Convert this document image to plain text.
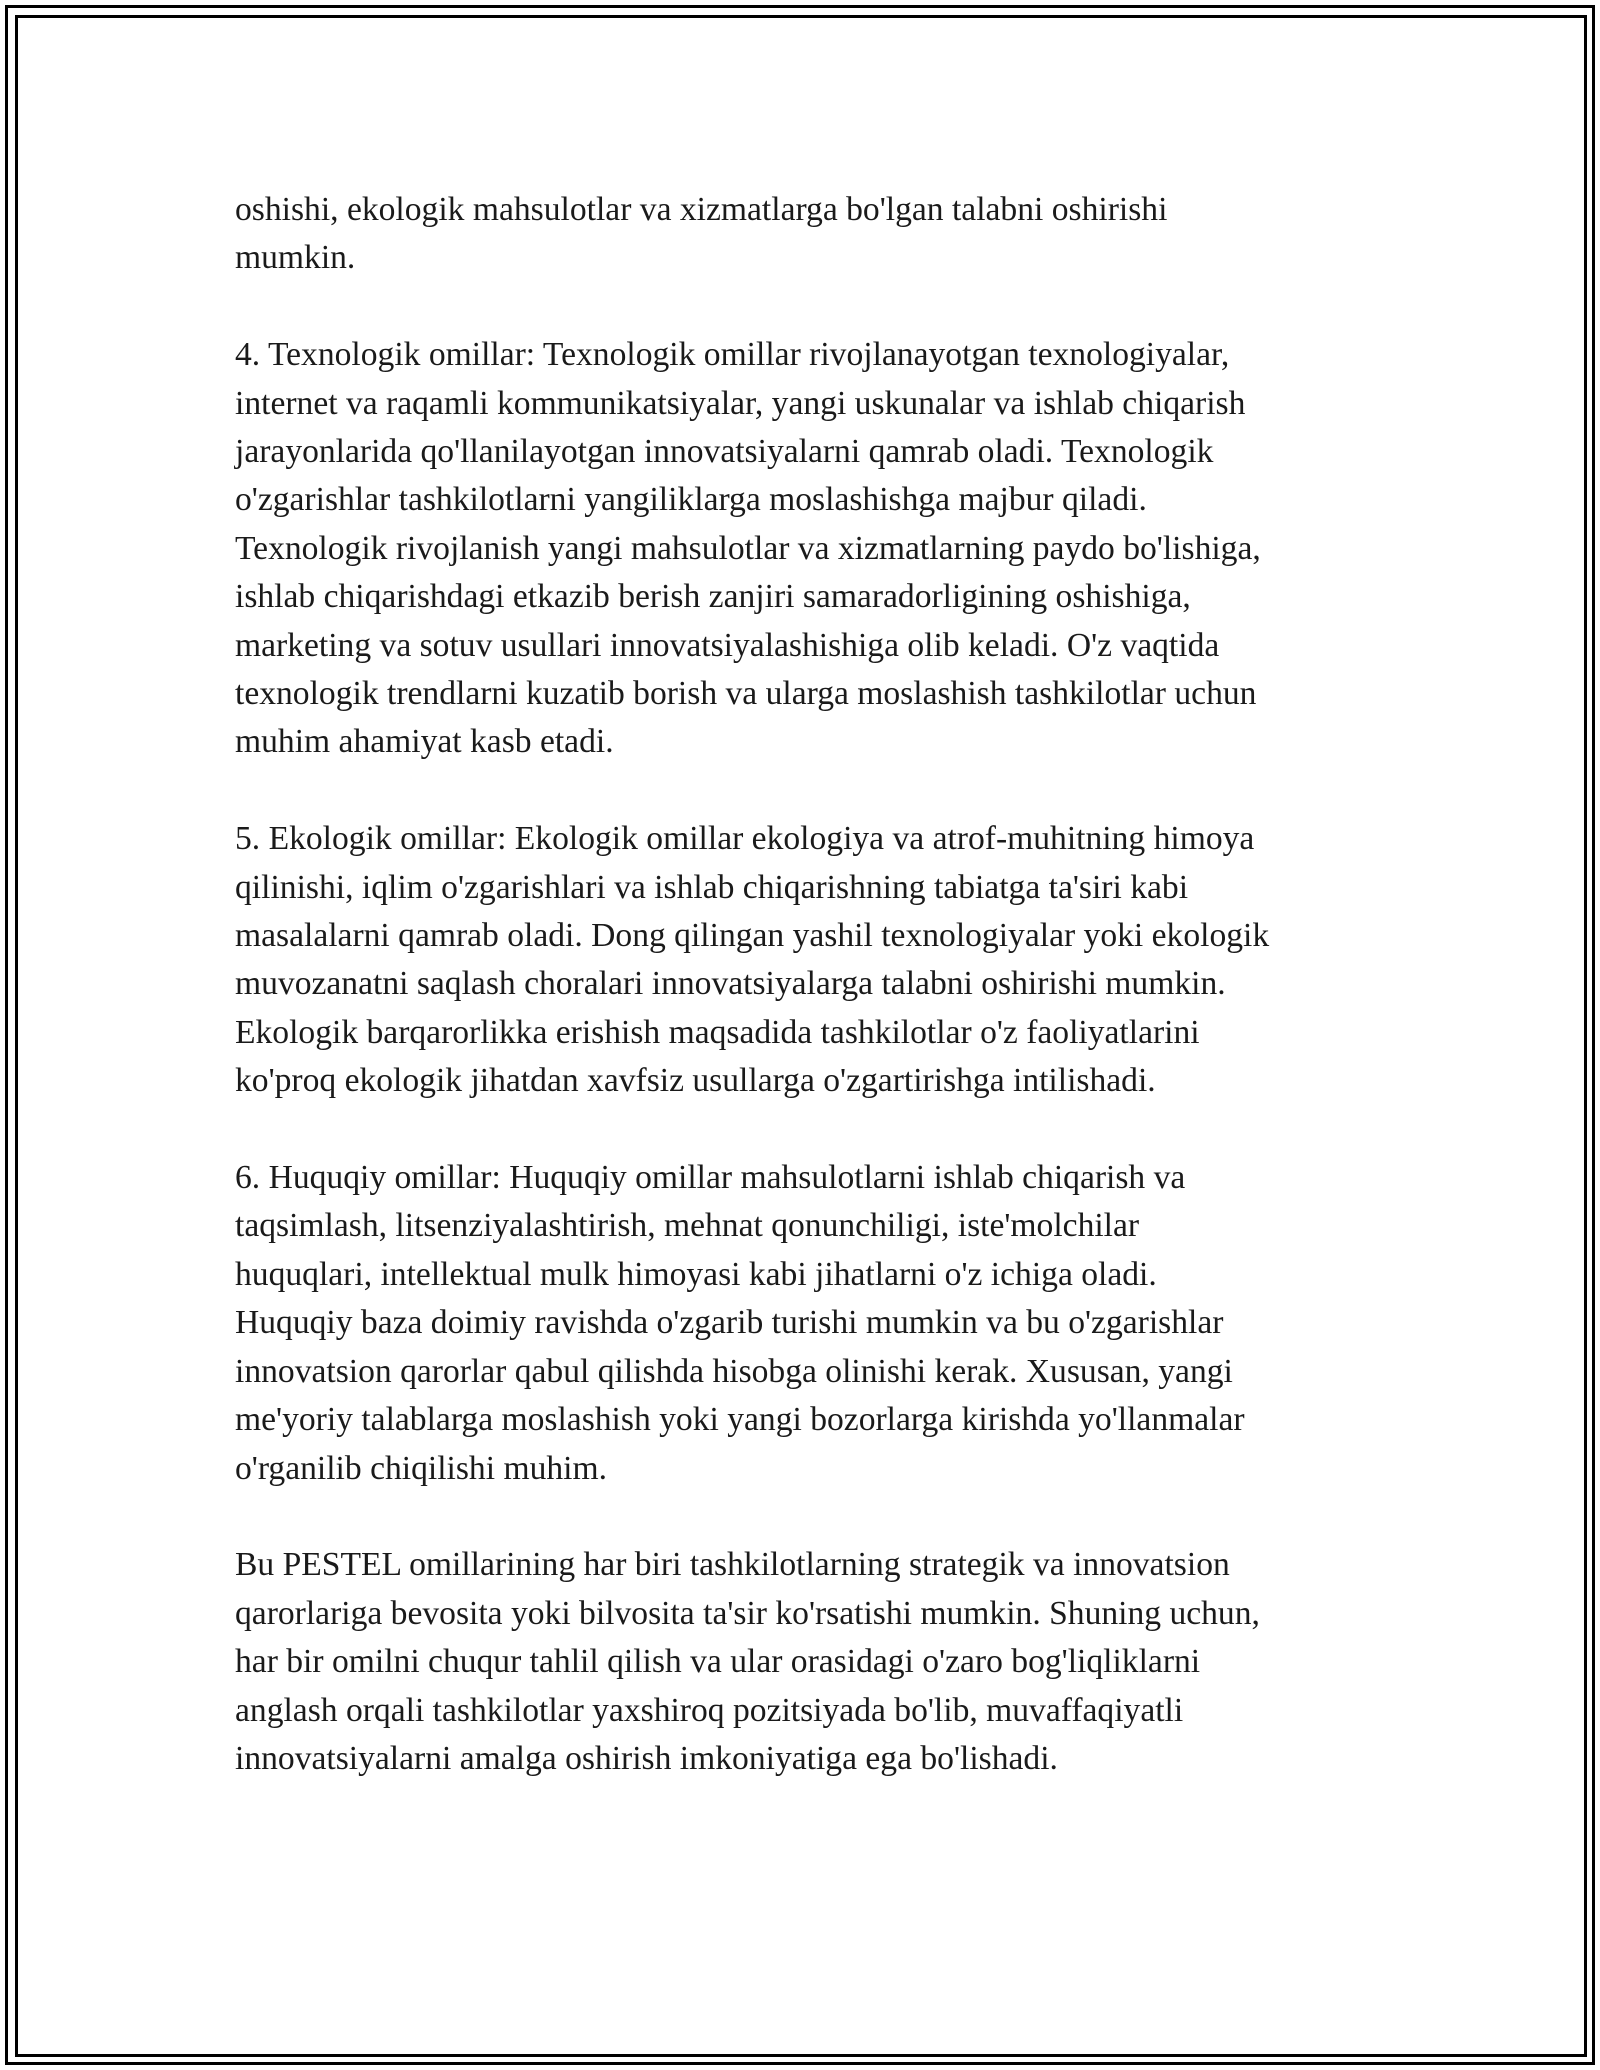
oshishi, ekologik mahsulotlar va xizmatlarga bo'lgan talabni oshirishi
mumkin.

4. Texnologik omillar: Texnologik omillar rivojlanayotgan texnologiyalar,
internet va raqamli kommunikatsiyalar, yangi uskunalar va ishlab chiqarish
jarayonlarida qo'llanilayotgan innovatsiyalarni qamrab oladi. Texnologik
o'zgarishlar tashkilotlarni yangiliklarga moslashishga majbur qiladi.
Texnologik rivojlanish yangi mahsulotlar va xizmatlarning paydo bo'lishiga,
ishlab chiqarishdagi etkazib berish zanjiri samaradorligining oshishiga,
marketing va sotuv usullari innovatsiyalashishiga olib keladi. O'z vaqtida
texnologik trendlarni kuzatib borish va ularga moslashish tashkilotlar uchun
muhim ahamiyat kasb etadi.

5. Ekologik omillar: Ekologik omillar ekologiya va atrof-muhitning himoya
qilinishi, iqlim o'zgarishlari va ishlab chiqarishning tabiatga ta'siri kabi
masalalarni qamrab oladi. Dong qilingan yashil texnologiyalar yoki ekologik
muvozanatni saqlash choralari innovatsiyalarga talabni oshirishi mumkin.
Ekologik barqarorlikka erishish maqsadida tashkilotlar o'z faoliyatlarini
ko'proq ekologik jihatdan xavfsiz usullarga o'zgartirishga intilishadi.

6. Huquqiy omillar: Huquqiy omillar mahsulotlarni ishlab chiqarish va
taqsimlash, litsenziyalashtirish, mehnat qonunchiligi, iste'molchilar
huquqlari, intellektual mulk himoyasi kabi jihatlarni o'z ichiga oladi.
Huquqiy baza doimiy ravishda o'zgarib turishi mumkin va bu o'zgarishlar
innovatsion qarorlar qabul qilishda hisobga olinishi kerak. Xususan, yangi
me'yoriy talablarga moslashish yoki yangi bozorlarga kirishda yo'llanmalar
o'rganilib chiqilishi muhim.

Bu PESTEL omillarining har biri tashkilotlarning strategik va innovatsion
qarorlariga bevosita yoki bilvosita ta'sir ko'rsatishi mumkin. Shuning uchun,
har bir omilni chuqur tahlil qilish va ular orasidagi o'zaro bog'liqliklarni
anglash orqali tashkilotlar yaxshiroq pozitsiyada bo'lib, muvaffaqiyatli
innovatsiyalarni amalga oshirish imkoniyatiga ega bo'lishadi.
